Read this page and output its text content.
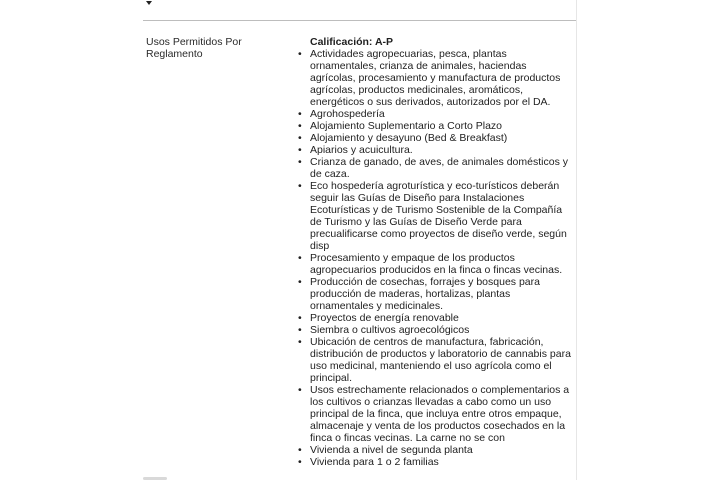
Usos Permitidos Por Reglamento

Calificación: A-P

• Actividades agropecuarias, pesca, plantas ornamentales, crianza de animales, haciendas agrícolas, procesamiento y manufactura de productos agrícolas, productos medicinales, aromáticos, energéticos o sus derivados, autorizados por el DA.
• Agrohospedería
• Alojamiento Suplementario a Corto Plazo
• Alojamiento y desayuno (Bed & Breakfast)
• Apiarios y acuicultura.
• Crianza de ganado, de aves, de animales domésticos y de caza.
• Eco hospedería agroturística y eco-turísticos deberán seguir las Guías de Diseño para Instalaciones Ecoturísticas y de Turismo Sostenible de la Compañía de Turismo y las Guías de Diseño Verde para precualificarse como proyectos de diseño verde, según disp
• Procesamiento y empaque de los productos agropecuarios producidos en la finca o fincas vecinas.
• Producción de cosechas, forrajes y bosques para producción de maderas, hortalizas, plantas ornamentales y medicinales.
• Proyectos de energía renovable
• Siembra o cultivos agroecológicos
• Ubicación de centros de manufactura, fabricación, distribución de productos y laboratorio de cannabis para uso medicinal, manteniendo el uso agrícola como el principal.
• Usos estrechamente relacionados o complementarios a los cultivos o crianzas llevadas a cabo como un uso principal de la finca, que incluya entre otros empaque, almacenaje y venta de los productos cosechados en la finca o fincas vecinas. La carne no se con
• Vivienda a nivel de segunda planta
• Vivienda para 1 o 2 familias
